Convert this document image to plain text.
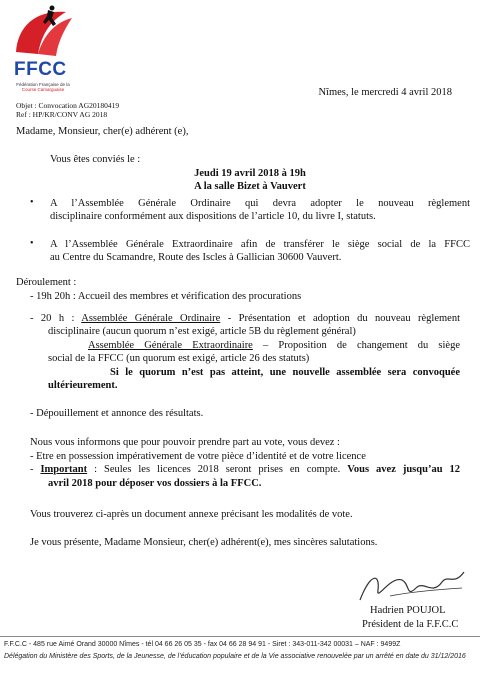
FFCC
Fédération Française de la
Course Camarguaise	Nîmes, le mercredi 4 avril 2018
Objet : Convocation AG20180419
Ref : HP/KR/CONV AG 2018
Madame, Monsieur, cher(e) adhérent (e),
Vous êtes conviés le :
Jeudi 19 avril 2018 à 19h
A la salle Bizet à Vauvert
• A l’Assemblée Générale Ordinaire qui devra adopter le nouveau règlement
disciplinaire conformément aux dispositions de l’article 10, du livre I, statuts.
• A l’Assemblée Générale Extraordinaire afin de transférer le siège social de la FFCC
au Centre du Scamandre, Route des Iscles à Gallician 30600 Vauvert.
Déroulement :
- 19h 20h : Accueil des membres et vérification des procurations
- 20 h : Assemblée Générale Ordinaire - Présentation et adoption du nouveau règlement
disciplinaire (aucun quorum n’est exigé, article 5B du règlement général)
Assemblée Générale Extraordinaire – Proposition de changement du siège
social de la FFCC (un quorum est exigé, article 26 des statuts)
Si le quorum n’est pas atteint, une nouvelle assemblée sera convoquée
ultérieurement.
- Dépouillement et annonce des résultats.
Nous vous informons que pour pouvoir prendre part au vote, vous devez :
- Etre en possession impérativement de votre pièce d’identité et de votre licence
- Important : Seules les licences 2018 seront prises en compte. Vous avez jusqu’au 12
avril 2018 pour déposer vos dossiers à la FFCC.
Vous trouverez ci-après un document annexe précisant les modalités de vote.
Je vous présente, Madame Monsieur, cher(e) adhérent(e), mes sincères salutations.
Hadrien POUJOL
Président de la F.F.C.C
F.F.C.C - 485 rue Aimé Orand 30000 Nîmes - tél 04 66 26 05 35 - fax 04 66 28 94 91 - Siret : 343-011-342 00031 – NAF : 9499Z
Délégation du Ministère des Sports, de la Jeunesse, de l’éducation populaire et de la Vie associative renouvelée par un arrêté en date du 31/12/2016
